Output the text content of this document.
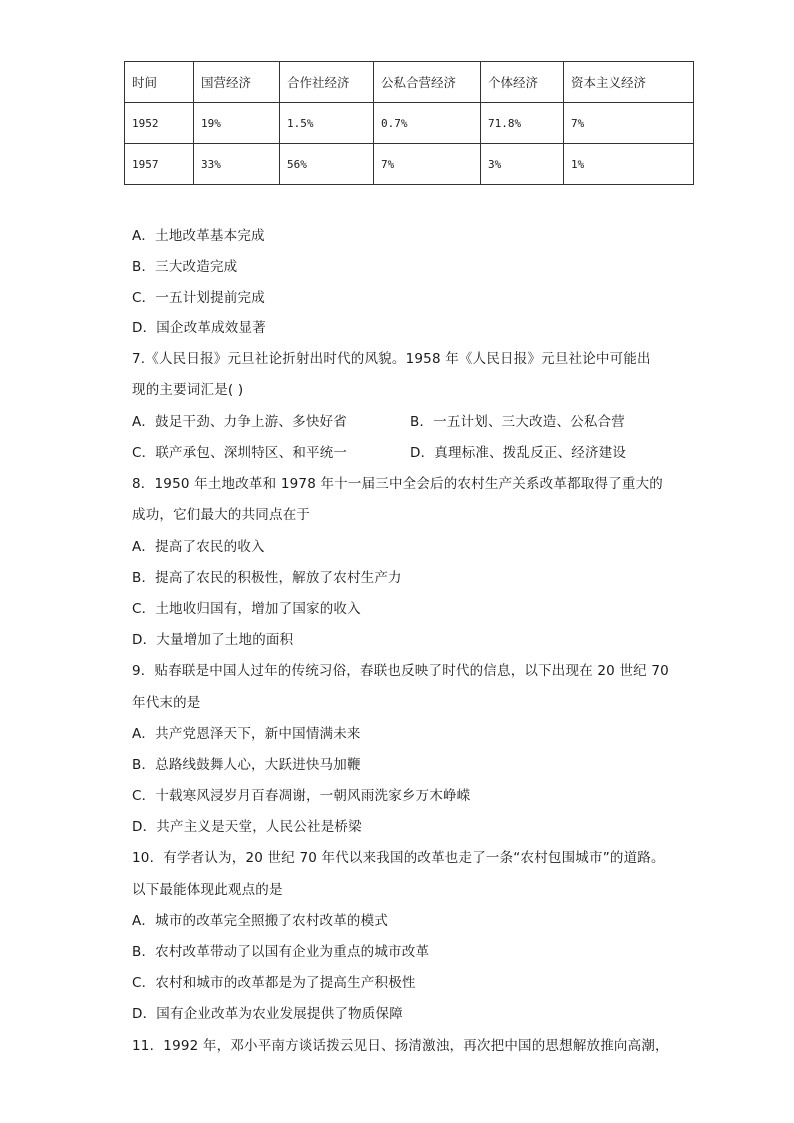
时间	国营经济	合作社经济	公私合营经济	个体经济	资本主义经济
1952	19%	1.5%	0.7%	71.8%	7%
1957	33%	56%	7%	3%	1%
A．土地改革基本完成
B．三大改造完成
C．一五计划提前完成
D．国企改革成效显著
7.《人民日报》元旦社论折射出时代的风貌。1958 年《人民日报》元旦社论中可能出
现的主要词汇是( )
A．鼓足干劲、力争上游、多快好省	B．一五计划、三大改造、公私合营
C．联产承包、深圳特区、和平统一	D．真理标准、拨乱反正、经济建设
8．1950 年土地改革和 1978 年十一届三中全会后的农村生产关系改革都取得了重大的
成功，它们最大的共同点在于
A．提高了农民的收入
B．提高了农民的积极性，解放了农村生产力
C．土地收归国有，增加了国家的收入
D．大量增加了土地的面积
9．贴春联是中国人过年的传统习俗，春联也反映了时代的信息，以下出现在 20 世纪 70
年代末的是
A．共产党恩泽天下，新中国情满未来
B．总路线鼓舞人心，大跃进快马加鞭
C．十载寒风浸岁月百春凋谢，一朝风雨洗家乡万木峥嵘
D．共产主义是天堂，人民公社是桥梁
10．有学者认为，20 世纪 70 年代以来我国的改革也走了一条“农村包围城市”的道路。
以下最能体现此观点的是
A．城市的改革完全照搬了农村改革的模式
B．农村改革带动了以国有企业为重点的城市改革
C．农村和城市的改革都是为了提高生产积极性
D．国有企业改革为农业发展提供了物质保障
11．1992 年，邓小平南方谈话拨云见日、扬清激浊，再次把中国的思想解放推向高潮，
